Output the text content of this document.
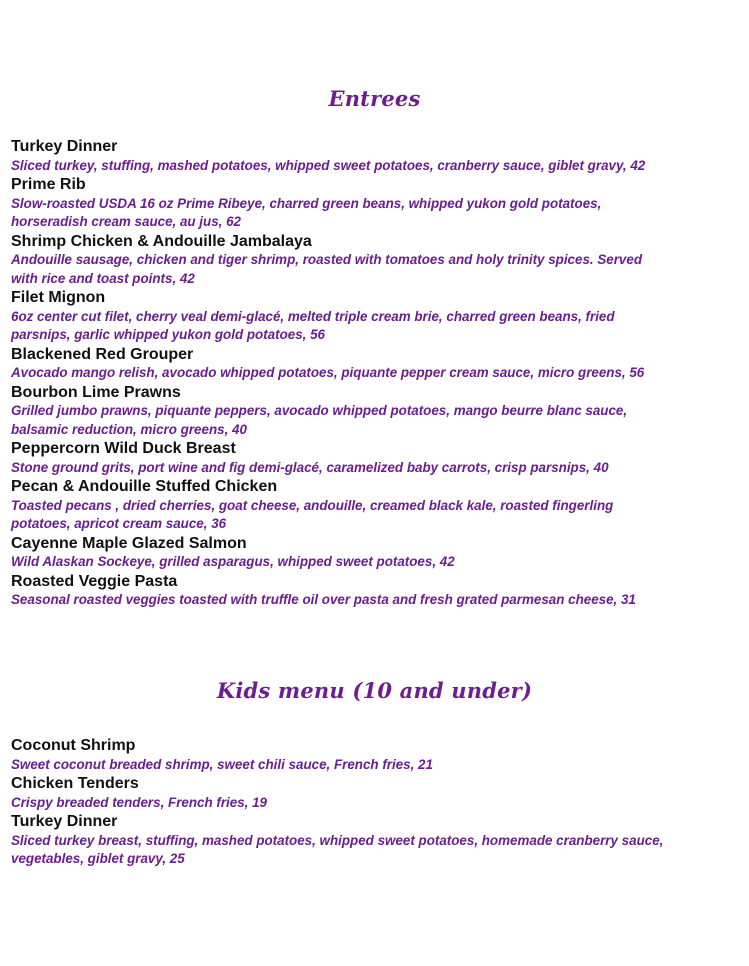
Entrees
Turkey Dinner
Sliced turkey, stuffing, mashed potatoes, whipped sweet potatoes, cranberry sauce, giblet gravy, 42
Prime Rib
Slow-roasted USDA 16 oz Prime Ribeye, charred green beans, whipped yukon gold potatoes,
horseradish cream sauce, au jus, 62
Shrimp Chicken & Andouille Jambalaya
Andouille sausage, chicken and tiger shrimp, roasted with tomatoes and holy trinity spices. Served
with rice and toast points, 42
Filet Mignon
6oz center cut filet, cherry veal demi-glacé, melted triple cream brie, charred green beans, fried
parsnips, garlic whipped yukon gold potatoes, 56
Blackened Red Grouper
Avocado mango relish, avocado whipped potatoes, piquante pepper cream sauce, micro greens, 56
Bourbon Lime Prawns
Grilled jumbo prawns, piquante peppers, avocado whipped potatoes, mango beurre blanc sauce,
balsamic reduction, micro greens, 40
Peppercorn Wild Duck Breast
Stone ground grits, port wine and fig demi-glacé, caramelized baby carrots, crisp parsnips, 40
Pecan & Andouille Stuffed Chicken
Toasted pecans , dried cherries, goat cheese, andouille, creamed black kale, roasted fingerling
potatoes, apricot cream sauce, 36
Cayenne Maple Glazed Salmon
Wild Alaskan Sockeye, grilled asparagus, whipped sweet potatoes, 42
Roasted Veggie Pasta
Seasonal roasted veggies toasted with truffle oil over pasta and fresh grated parmesan cheese, 31
Kids menu (10 and under)
Coconut Shrimp
Sweet coconut breaded shrimp, sweet chili sauce, French fries, 21
Chicken Tenders
Crispy breaded tenders, French fries, 19
Turkey Dinner
Sliced turkey breast, stuffing, mashed potatoes, whipped sweet potatoes, homemade cranberry sauce,
vegetables, giblet gravy, 25
